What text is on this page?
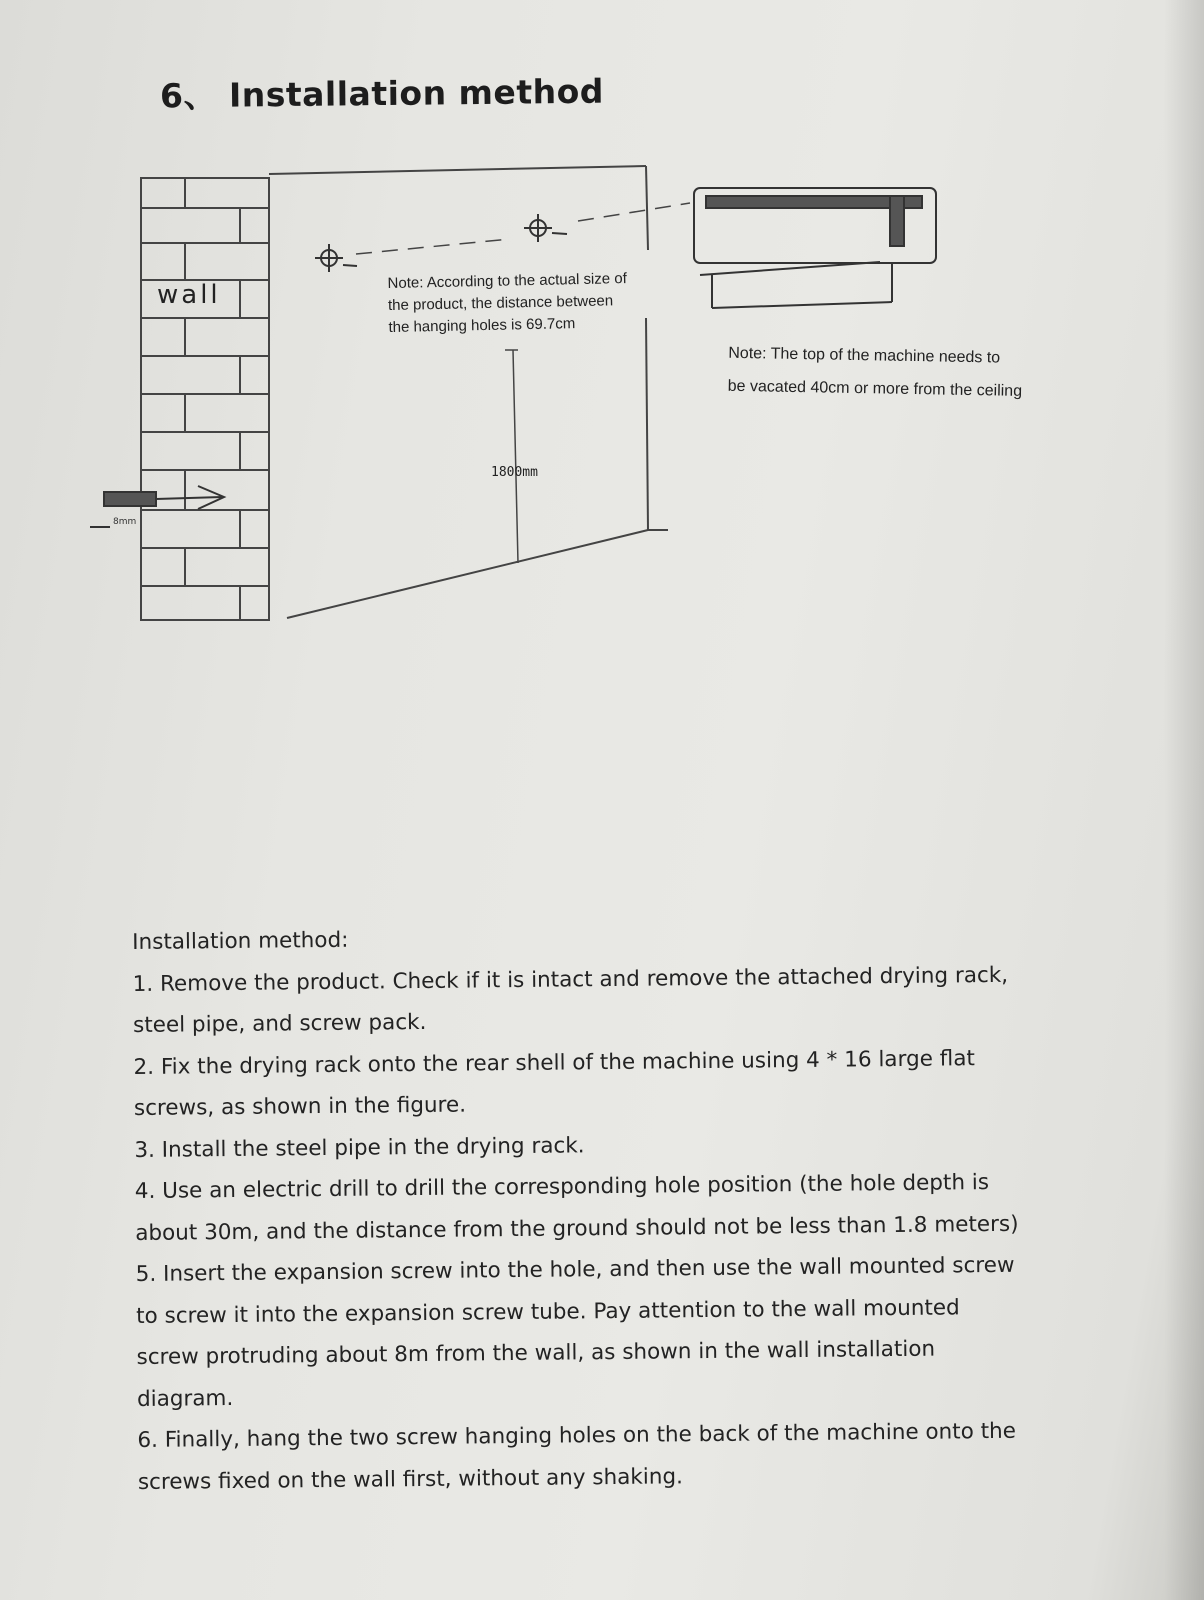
6、 Installation method
wall
8mm
1800mm
Note: According to the actual size of
the product, the distance between
the hanging holes is 69.7cm
Note: The top of the machine needs to
be vacated 40cm or more from the ceiling
Installation method:
1. Remove the product. Check if it is intact and remove the attached drying rack,
steel pipe, and screw pack.
2. Fix the drying rack onto the rear shell of the machine using 4 * 16 large flat
screws, as shown in the figure.
3. Install the steel pipe in the drying rack.
4. Use an electric drill to drill the corresponding hole position (the hole depth is
about 30m, and the distance from the ground should not be less than 1.8 meters)
5. Insert the expansion screw into the hole, and then use the wall mounted screw
to screw it into the expansion screw tube. Pay attention to the wall mounted
screw protruding about 8m from the wall, as shown in the wall installation
diagram.
6. Finally, hang the two screw hanging holes on the back of the machine onto the
screws fixed on the wall first, without any shaking.
